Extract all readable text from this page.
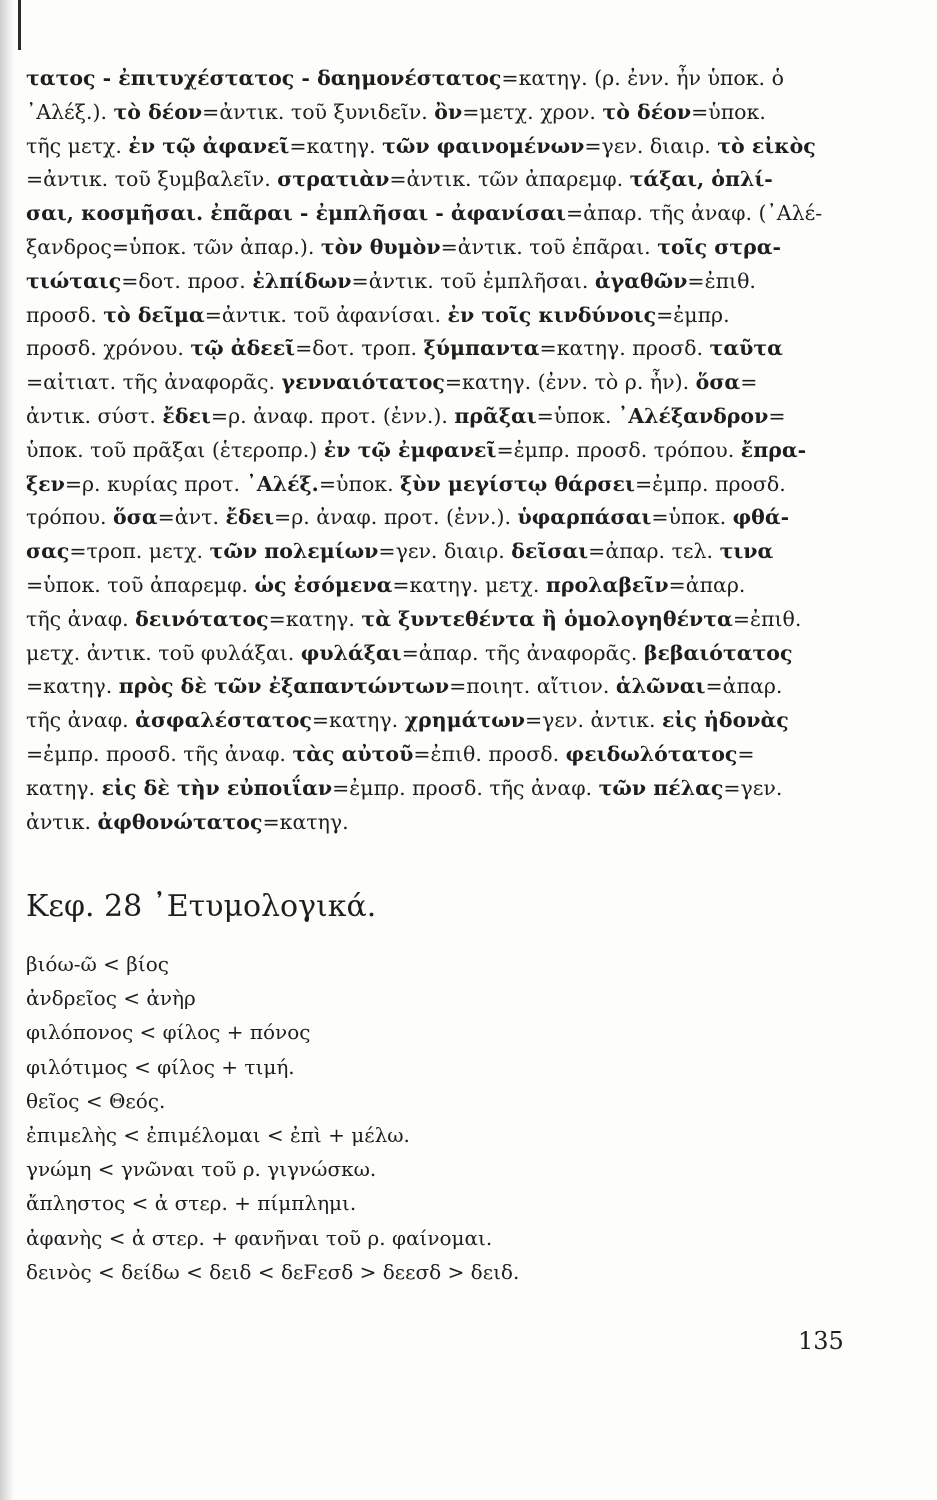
τατος - ἐπιτυχέστατος - δαημονέστατος=κατηγ. (ρ. ἐνν. ἦν ὑποκ. ὁ
᾿Αλέξ.). τὸ δέον=ἀντικ. τοῦ ξυνιδεῖν. ὂν=μετχ. χρον. τὸ δέον=ὑποκ.
τῆς μετχ. ἐν τῷ ἀφανεῖ=κατηγ. τῶν φαινομένων=γεν. διαιρ. τὸ εἰκὸς
=ἀντικ. τοῦ ξυμβαλεῖν. στρατιὰν=ἀντικ. τῶν ἀπαρεμφ. τάξαι, ὁπλί-
σαι, κοσμῆσαι. ἐπᾶραι - ἐμπλῆσαι - ἀφανίσαι=ἀπαρ. τῆς ἀναφ. (᾿Αλέ-
ξανδρος=ὑποκ. τῶν ἀπαρ.). τὸν θυμὸν=ἀντικ. τοῦ ἐπᾶραι. τοῖς στρα-
τιώταις=δοτ. προσ. ἐλπίδων=ἀντικ. τοῦ ἐμπλῆσαι. ἀγαθῶν=ἐπιθ.
προσδ. τὸ δεῖμα=ἀντικ. τοῦ ἀφανίσαι. ἐν τοῖς κινδύνοις=ἐμπρ.
προσδ. χρόνου. τῷ ἀδεεῖ=δοτ. τροπ. ξύμπαντα=κατηγ. προσδ. ταῦτα
=αἰτιατ. τῆς ἀναφορᾶς. γενναιότατος=κατηγ. (ἐνν. τὸ ρ. ἦν). ὅσα=
ἀντικ. σύστ. ἔδει=ρ. ἀναφ. προτ. (ἐνν.). πρᾶξαι=ὑποκ. ᾿Αλέξανδρον=
ὑποκ. τοῦ πρᾶξαι (ἑτεροπρ.) ἐν τῷ ἐμφανεῖ=ἐμπρ. προσδ. τρόπου. ἔπρα-
ξεν=ρ. κυρίας προτ. ᾿Αλέξ.=ὑποκ. ξὺν μεγίστῳ θάρσει=ἐμπρ. προσδ.
τρόπου. ὅσα=ἀντ. ἔδει=ρ. ἀναφ. προτ. (ἐνν.). ὑφαρπάσαι=ὑποκ. φθά-
σας=τροπ. μετχ. τῶν πολεμίων=γεν. διαιρ. δεῖσαι=ἀπαρ. τελ. τινα
=ὑποκ. τοῦ ἀπαρεμφ. ὡς ἐσόμενα=κατηγ. μετχ. προλαβεῖν=ἀπαρ.
τῆς ἀναφ. δεινότατος=κατηγ. τὰ ξυντεθέντα ἢ ὁμολογηθέντα=ἐπιθ.
μετχ. ἀντικ. τοῦ φυλάξαι. φυλάξαι=ἀπαρ. τῆς ἀναφορᾶς. βεβαιότατος
=κατηγ. πρὸς δὲ τῶν ἐξαπαντώντων=ποιητ. αἴτιον. ἁλῶναι=ἀπαρ.
τῆς ἀναφ. ἀσφαλέστατος=κατηγ. χρημάτων=γεν. ἀντικ. εἰς ἡδονὰς
=ἐμπρ. προσδ. τῆς ἀναφ. τὰς αὐτοῦ=ἐπιθ. προσδ. φειδωλότατος=
κατηγ. εἰς δὲ τὴν εὐποιΐαν=ἐμπρ. προσδ. τῆς ἀναφ. τῶν πέλας=γεν.
ἀντικ. ἀφθονώτατος=κατηγ.
Κεφ. 28 ᾿Ετυμολογικά.
βιόω-ῶ < βίος
ἀνδρεῖος < ἀνὴρ
φιλόπονος < φίλος + πόνος
φιλότιμος < φίλος + τιμή.
θεῖος < Θεός.
ἐπιμελὴς < ἐπιμέλομαι < ἐπὶ + μέλω.
γνώμη < γνῶναι τοῦ ρ. γιγνώσκω.
ἄπληστος < ἀ στερ. + πίμπλημι.
ἀφανὴς < ἀ στερ. + φανῆναι τοῦ ρ. φαίνομαι.
δεινὸς < δείδω < δειδ < δεFεσδ > δεεσδ > δειδ.
135
